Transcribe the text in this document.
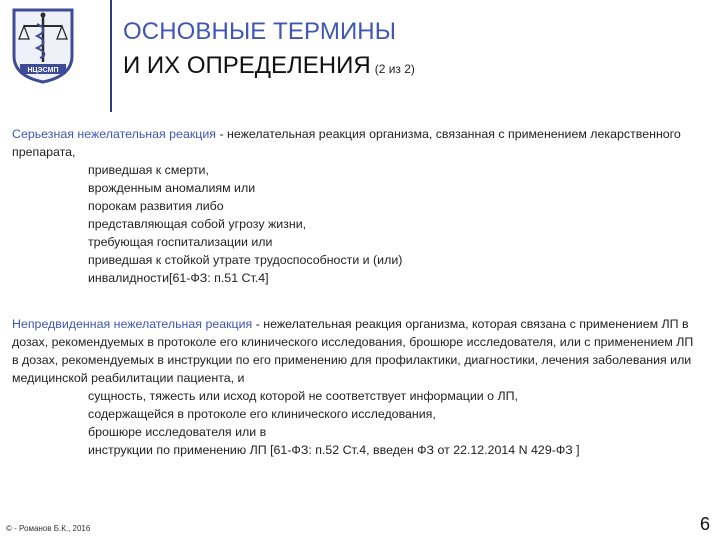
НЦЭСМП
ОСНОВНЫЕ ТЕРМИНЫ
И ИХ ОПРЕДЕЛЕНИЯ (2 из 2)
Серьезная нежелательная реакция - нежелательная реакция организма, связанная с применением лекарственного препарата,
приведшая к смерти,
врожденным аномалиям или
порокам развития либо
представляющая собой угрозу жизни,
требующая госпитализации или
приведшая к стойкой утрате трудоспособности и (или)
инвалидности[61-ФЗ: п.51 Ст.4]
Непредвиденная нежелательная реакция - нежелательная реакция организма, которая связана с применением ЛП в дозах, рекомендуемых в протоколе его клинического исследования, брошюре исследователя, или с применением ЛП в дозах, рекомендуемых в инструкции по его применению для профилактики, диагностики, лечения заболевания или медицинской реабилитации пациента, и
сущность, тяжесть или исход которой не соответствует информации о ЛП,
содержащейся в протоколе его клинического исследования,
брошюре исследователя или в
инструкции по применению ЛП [61-ФЗ: п.52 Ст.4, введен ФЗ от 22.12.2014 N 429-ФЗ ]
© - Романов Б.К., 2016	6
